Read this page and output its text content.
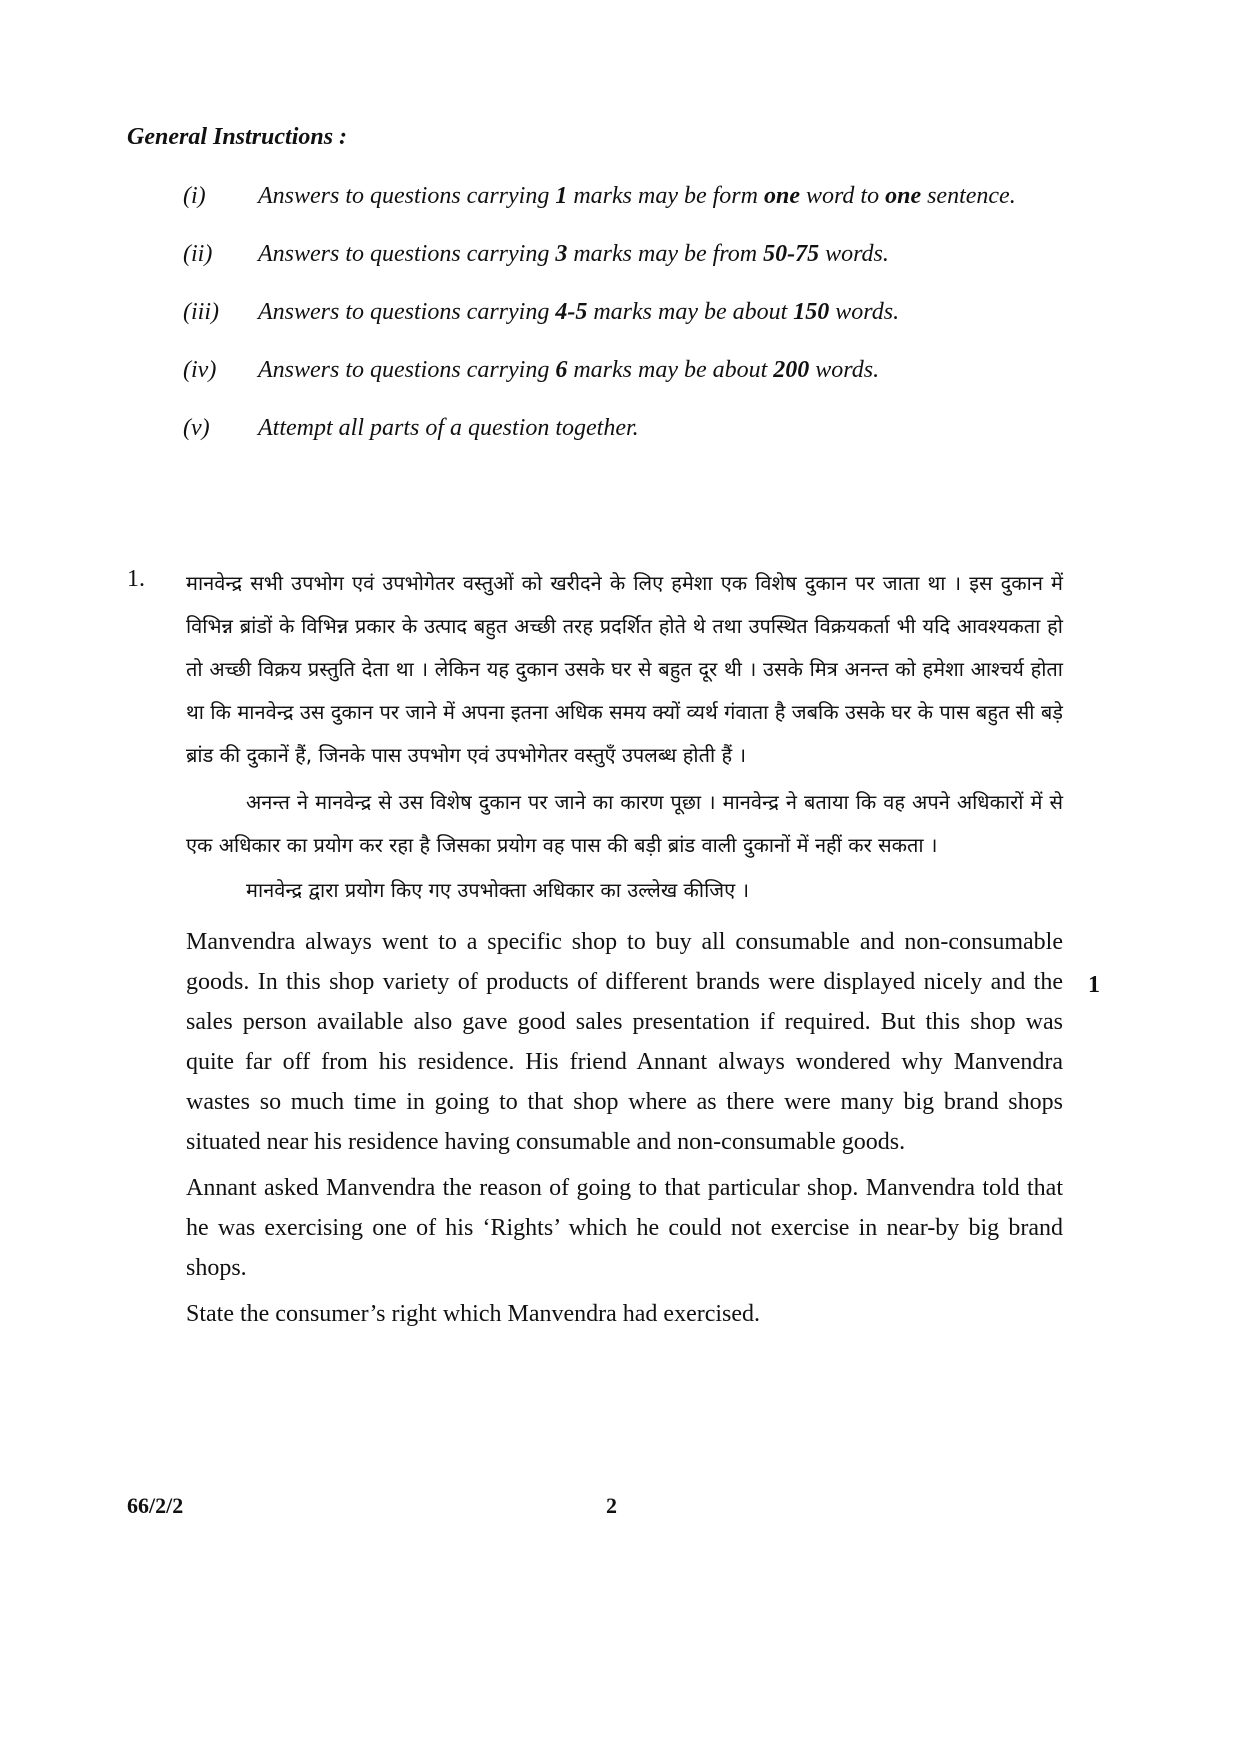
General Instructions :

(i) Answers to questions carrying 1 marks may be form one word to one sentence.
(ii) Answers to questions carrying 3 marks may be from 50-75 words.
(iii) Answers to questions carrying 4-5 marks may be about 150 words.
(iv) Answers to questions carrying 6 marks may be about 200 words.
(v) Attempt all parts of a question together.
1. मानवेन्द्र सभी उपभोग एवं उपभोगेतर वस्तुओं को खरीदने के लिए हमेशा एक विशेष दुकान पर जाता था । इस दुकान में विभिन्न ब्रांडों के विभिन्न प्रकार के उत्पाद बहुत अच्छी तरह प्रदर्शित होते थे तथा उपस्थित विक्रयकर्ता भी यदि आवश्यकता हो तो अच्छी विक्रय प्रस्तुति देता था । लेकिन यह दुकान उसके घर से बहुत दूर थी । उसके मित्र अनन्त को हमेशा आश्चर्य होता था कि मानवेन्द्र उस दुकान पर जाने में अपना इतना अधिक समय क्यों व्यर्थ गंवाता है जबकि उसके घर के पास बहुत सी बड़े ब्रांड की दुकानें हैं, जिनके पास उपभोग एवं उपभोगेतर वस्तुएँ उपलब्ध होती हैं ।

अनन्त ने मानवेन्द्र से उस विशेष दुकान पर जाने का कारण पूछा । मानवेन्द्र ने बताया कि वह अपने अधिकारों में से एक अधिकार का प्रयोग कर रहा है जिसका प्रयोग वह पास की बड़ी ब्रांड वाली दुकानों में नहीं कर सकता ।

मानवेन्द्र द्वारा प्रयोग किए गए उपभोक्ता अधिकार का उल्लेख कीजिए ।

Manvendra always went to a specific shop to buy all consumable and non-consumable goods. In this shop variety of products of different brands were displayed nicely and the sales person available also gave good sales presentation if required. But this shop was quite far off from his residence. His friend Annant always wondered why Manvendra wastes so much time in going to that shop where as there were many big brand shops situated near his residence having consumable and non-consumable goods.

Annant asked Manvendra the reason of going to that particular shop. Manvendra told that he was exercising one of his ‘Rights’ which he could not exercise in near-by big brand shops.

State the consumer’s right which Manvendra had exercised.

1
66/2/2	2
